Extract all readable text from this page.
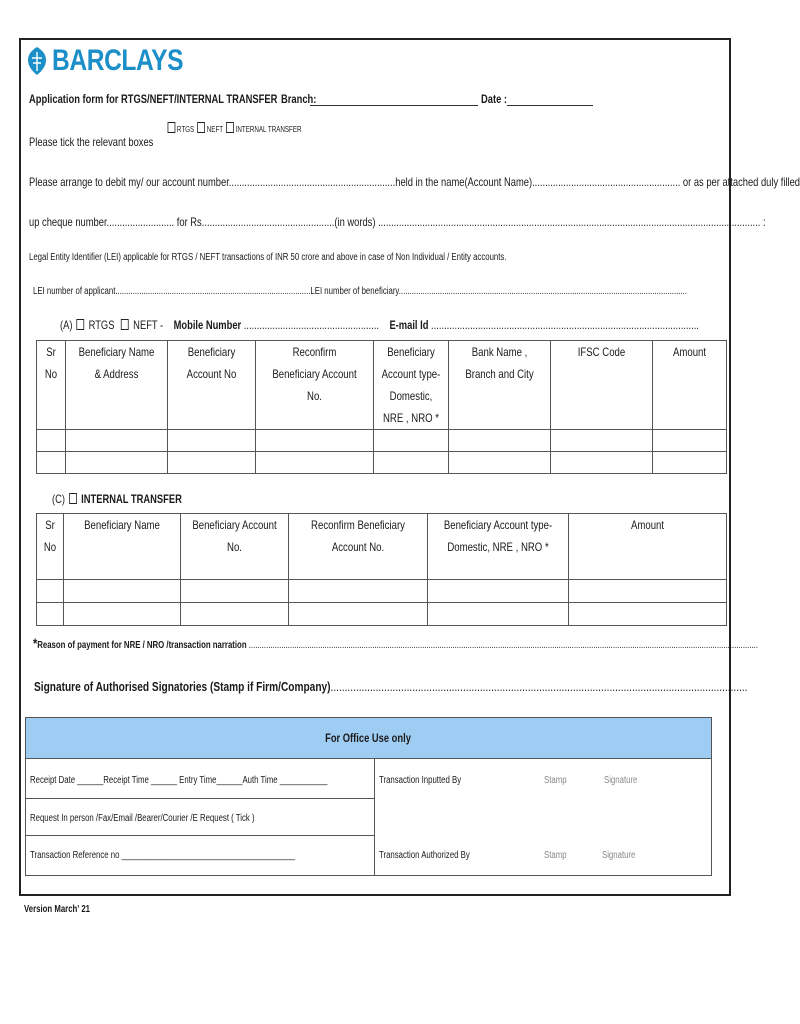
BARCLAYS
Application form for RTGS/NEFT/INTERNAL TRANSFER Branch:	Date :
RTGS NEFT INTERNAL TRANSFER
Please tick the relevant boxes
Please arrange to debit my/ our account number................................................................held in the name(Account Name)......................................................... or as per attached duly filled
up cheque number.......................... for Rs...................................................(in words) ................................................................................................................................................... :
Legal Entity Identifier (LEI) applicable for RTGS / NEFT transactions of INR 50 crore and above in case of Non Individual / Entity accounts.
LEI number of applicant..........................................................................................LEI number of beneficiary.....................................................................................................................................
(A) RTGS NEFT - Mobile Number .................................................... E-mail Id .......................................................................................................
Sr No	Beneficiary Name & Address	Beneficiary Account No	Reconfirm Beneficiary Account No.	Beneficiary Account type- Domestic, NRE , NRO *	Bank Name , Branch and City	IFSC Code	Amount

(C) INTERNAL TRANSFER
Sr No	Beneficiary Name	Beneficiary Account No.	Reconfirm Beneficiary Account No.	Beneficiary Account type- Domestic, NRE , NRO *	Amount

*Reason of payment for NRE / NRO /transaction narration ...........................................................................................................................................................................................................................................
Signature of Authorised Signatories (Stamp if Firm/Company)....................................................................................................................................................
For Office Use only
Receipt Date ______Receipt Time ______ Entry Time______Auth Time ___________	Transaction Inputted By	Stamp	Signature
Request In person /Fax/Email /Bearer/Courier /E Request ( Tick )
Transaction Reference no ________________________________________	Transaction Authorized By	Stamp	Signature
Version March' 21
